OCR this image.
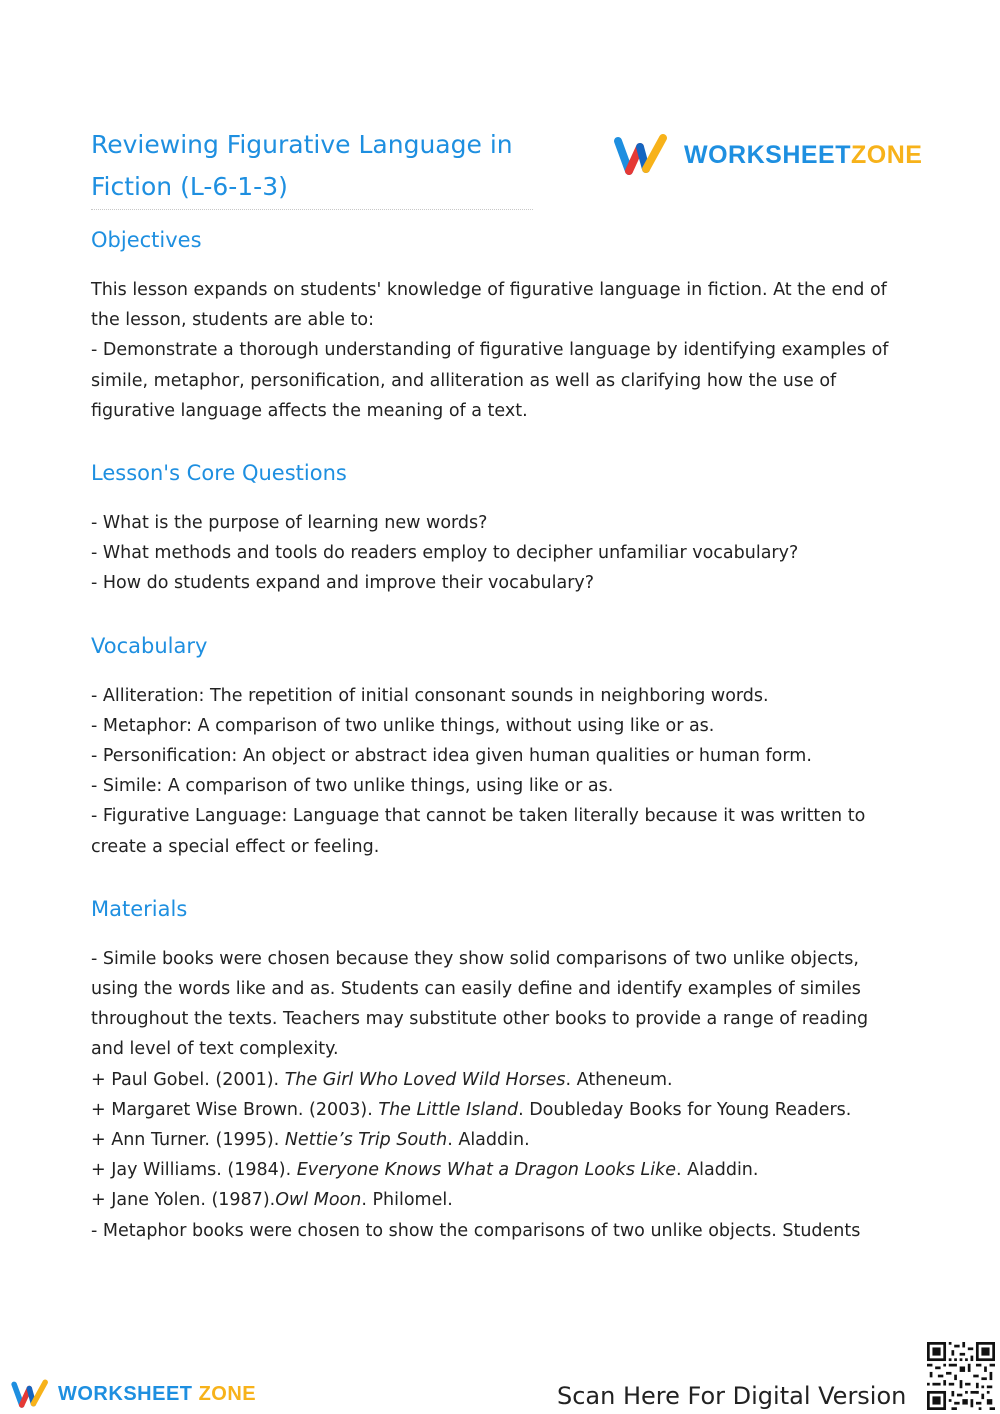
Reviewing Figurative Language in
Fiction (L-6-1-3)
WORKSHEETZONE
Objectives
This lesson expands on students' knowledge of figurative language in fiction. At the end of
the lesson, students are able to:
- Demonstrate a thorough understanding of figurative language by identifying examples of
simile, metaphor, personification, and alliteration as well as clarifying how the use of
figurative language affects the meaning of a text.
Lesson's Core Questions
- What is the purpose of learning new words?
- What methods and tools do readers employ to decipher unfamiliar vocabulary?
- How do students expand and improve their vocabulary?
Vocabulary
- Alliteration: The repetition of initial consonant sounds in neighboring words.
- Metaphor: A comparison of two unlike things, without using like or as.
- Personification: An object or abstract idea given human qualities or human form.
- Simile: A comparison of two unlike things, using like or as.
- Figurative Language: Language that cannot be taken literally because it was written to
create a special effect or feeling.
Materials
- Simile books were chosen because they show solid comparisons of two unlike objects,
using the words like and as. Students can easily define and identify examples of similes
throughout the texts. Teachers may substitute other books to provide a range of reading
and level of text complexity.
+ Paul Gobel. (2001). The Girl Who Loved Wild Horses. Atheneum.
+ Margaret Wise Brown. (2003). The Little Island. Doubleday Books for Young Readers.
+ Ann Turner. (1995). Nettie’s Trip South. Aladdin.
+ Jay Williams. (1984). Everyone Knows What a Dragon Looks Like. Aladdin.
+ Jane Yolen. (1987).Owl Moon. Philomel.
- Metaphor books were chosen to show the comparisons of two unlike objects. Students
WORKSHEET ZONE	Scan Here For Digital Version
